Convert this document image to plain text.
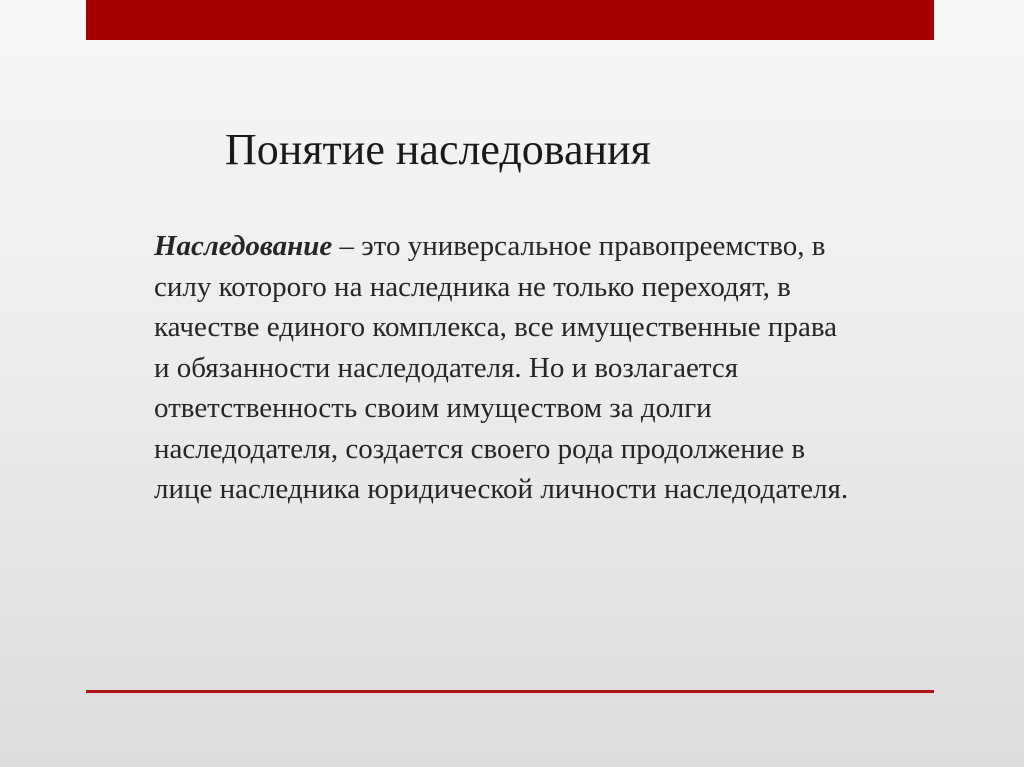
Понятие наследования

Наследование – это универсальное правопреемство, в силу которого на наследника не только переходят, в качестве единого комплекса, все имущественные права и обязанности наследодателя. Но и возлагается ответственность своим имуществом за долги наследодателя, создается своего рода продолжение в лице наследника юридической личности наследодателя.
